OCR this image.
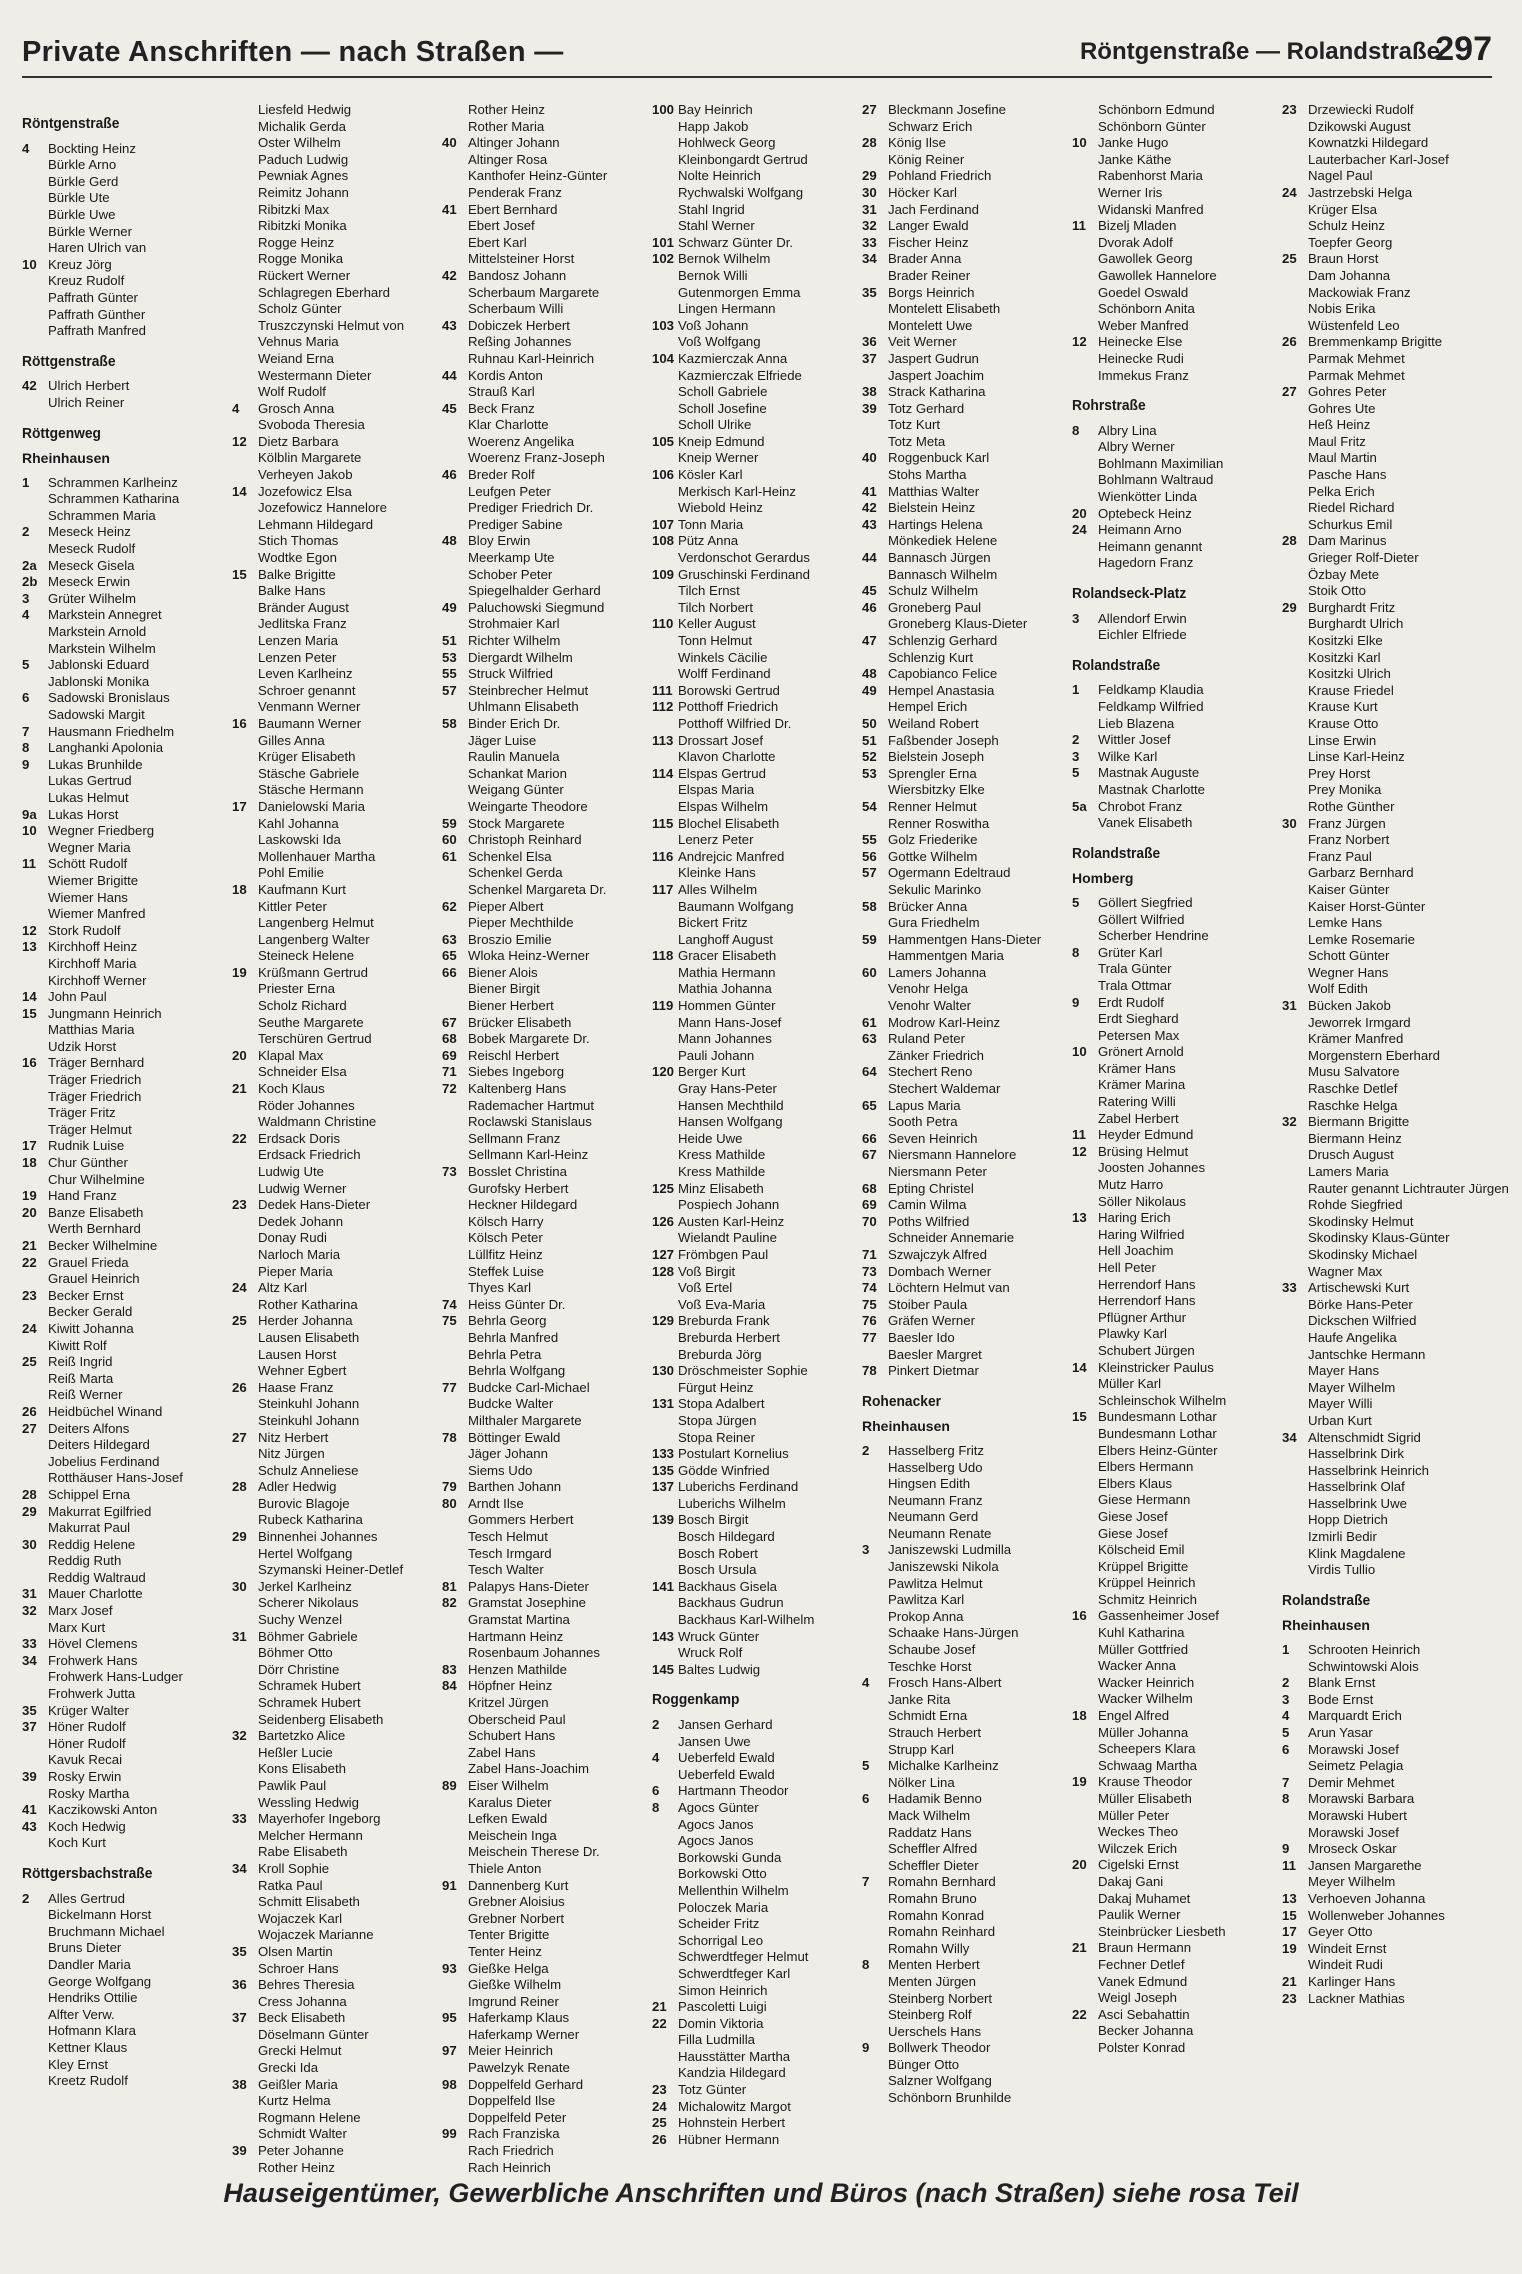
Private Anschriften — nach Straßen —	Röntgenstraße — Rolandstraße
297
Röntgenstraße
4 Bockting Heinz
Bürkle Arno
Bürkle Gerd
Bürkle Ute
Bürkle Uwe
Bürkle Werner
Haren Ulrich van
10 Kreuz Jörg
Kreuz Rudolf
Paffrath Günter
Paffrath Günther
Paffrath Manfred
Röttgenstraße
42 Ulrich Herbert
Ulrich Reiner
Röttgenweg
Rheinhausen
1 Schrammen Karlheinz
Schrammen Katharina
Schrammen Maria
2 Meseck Heinz
Meseck Rudolf
2a Meseck Gisela
2b Meseck Erwin
3 Grüter Wilhelm
4 Markstein Annegret
Markstein Arnold
Markstein Wilhelm
5 Jablonski Eduard
Jablonski Monika
6 Sadowski Bronislaus
Sadowski Margit
7 Hausmann Friedhelm
8 Langhanki Apolonia
9 Lukas Brunhilde
Lukas Gertrud
Lukas Helmut
9a Lukas Horst
10 Wegner Friedberg
Wegner Maria
11 Schött Rudolf
Wiemer Brigitte
Wiemer Hans
Wiemer Manfred
12 Stork Rudolf
13 Kirchhoff Heinz
Kirchhoff Maria
Kirchhoff Werner
14 John Paul
15 Jungmann Heinrich
Matthias Maria
Udzik Horst
16 Träger Bernhard
Träger Friedrich
Träger Friedrich
Träger Fritz
Träger Helmut
17 Rudnik Luise
18 Chur Günther
Chur Wilhelmine
19 Hand Franz
20 Banze Elisabeth
Werth Bernhard
21 Becker Wilhelmine
22 Grauel Frieda
Grauel Heinrich
23 Becker Ernst
Becker Gerald
24 Kiwitt Johanna
Kiwitt Rolf
25 Reiß Ingrid
Reiß Marta
Reiß Werner
26 Heidbüchel Winand
27 Deiters Alfons
Deiters Hildegard
Jobelius Ferdinand
Rotthäuser Hans-Josef
28 Schippel Erna
29 Makurrat Egilfried
Makurrat Paul
30 Reddig Helene
Reddig Ruth
Reddig Waltraud
31 Mauer Charlotte
32 Marx Josef
Marx Kurt
33 Hövel Clemens
34 Frohwerk Hans
Frohwerk Hans-Ludger
Frohwerk Jutta
35 Krüger Walter
37 Höner Rudolf
Höner Rudolf
Kavuk Recai
39 Rosky Erwin
Rosky Martha
41 Kaczikowski Anton
43 Koch Hedwig
Koch Kurt
Röttgersbachstraße
2 Alles Gertrud
Bickelmann Horst
Bruchmann Michael
Bruns Dieter
Dandler Maria
George Wolfgang
Hendriks Ottilie
Alfter Verw.
Hofmann Klara
Kettner Klaus
Kley Ernst
Kreetz Rudolf
Liesfeld Hedwig
Michalik Gerda
Oster Wilhelm
Paduch Ludwig
Pewniak Agnes
Reimitz Johann
Ribitzki Max
Ribitzki Monika
Rogge Heinz
Rogge Monika
Rückert Werner
Schlagregen Eberhard
Scholz Günter
Truszczynski Helmut von
Vehnus Maria
Weiand Erna
Westermann Dieter
Wolf Rudolf
4 Grosch Anna
Svoboda Theresia
12 Dietz Barbara
Kölblin Margarete
Verheyen Jakob
14 Jozefowicz Elsa
Jozefowicz Hannelore
Lehmann Hildegard
Stich Thomas
Wodtke Egon
15 Balke Brigitte
Balke Hans
Bränder August
Jedlitska Franz
Lenzen Maria
Lenzen Peter
Leven Karlheinz
Schroer genannt
Venmann Werner
16 Baumann Werner
Gilles Anna
Krüger Elisabeth
Stäsche Gabriele
Stäsche Hermann
17 Danielowski Maria
Kahl Johanna
Laskowski Ida
Mollenhauer Martha
Pohl Emilie
18 Kaufmann Kurt
Kittler Peter
Langenberg Helmut
Langenberg Walter
Steineck Helene
19 Krüßmann Gertrud
Priester Erna
Scholz Richard
Seuthe Margarete
Terschüren Gertrud
20 Klapal Max
Schneider Elsa
21 Koch Klaus
Röder Johannes
Waldmann Christine
22 Erdsack Doris
Erdsack Friedrich
Ludwig Ute
Ludwig Werner
23 Dedek Hans-Dieter
Dedek Johann
Donay Rudi
Narloch Maria
Pieper Maria
24 Altz Karl
Rother Katharina
25 Herder Johanna
Lausen Elisabeth
Lausen Horst
Wehner Egbert
26 Haase Franz
Steinkuhl Johann
Steinkuhl Johann
27 Nitz Herbert
Nitz Jürgen
Schulz Anneliese
28 Adler Hedwig
Burovic Blagoje
Rubeck Katharina
29 Binnenhei Johannes
Hertel Wolfgang
Szymanski Heiner-Detlef
30 Jerkel Karlheinz
Scherer Nikolaus
Suchy Wenzel
31 Böhmer Gabriele
Böhmer Otto
Dörr Christine
Schramek Hubert
Schramek Hubert
Seidenberg Elisabeth
32 Bartetzko Alice
Heßler Lucie
Kons Elisabeth
Pawlik Paul
Wessling Hedwig
33 Mayerhofer Ingeborg
Melcher Hermann
Rabe Elisabeth
34 Kroll Sophie
Ratka Paul
Schmitt Elisabeth
Wojaczek Karl
Wojaczek Marianne
35 Olsen Martin
Schroer Hans
36 Behres Theresia
Cress Johanna
37 Beck Elisabeth
Döselmann Günter
Grecki Helmut
Grecki Ida
38 Geißler Maria
Kurtz Helma
Rogmann Helene
Schmidt Walter
39 Peter Johanne
Rother Heinz
Rother Heinz
Rother Maria
40 Altinger Johann
Altinger Rosa
Kanthofer Heinz-Günter
Penderak Franz
41 Ebert Bernhard
Ebert Josef
Ebert Karl
Mittelsteiner Horst
42 Bandosz Johann
Scherbaum Margarete
Scherbaum Willi
43 Dobiczek Herbert
Reßing Johannes
Ruhnau Karl-Heinrich
44 Kordis Anton
Strauß Karl
45 Beck Franz
Klar Charlotte
Woerenz Angelika
Woerenz Franz-Joseph
46 Breder Rolf
Leufgen Peter
Prediger Friedrich Dr.
Prediger Sabine
48 Bloy Erwin
Meerkamp Ute
Schober Peter
Spiegelhalder Gerhard
49 Paluchowski Siegmund
Strohmaier Karl
51 Richter Wilhelm
53 Diergardt Wilhelm
55 Struck Wilfried
57 Steinbrecher Helmut
Uhlmann Elisabeth
58 Binder Erich Dr.
Jäger Luise
Raulin Manuela
Schankat Marion
Weigang Günter
Weingarte Theodore
59 Stock Margarete
60 Christoph Reinhard
61 Schenkel Elsa
Schenkel Gerda
Schenkel Margareta Dr.
62 Pieper Albert
Pieper Mechthilde
63 Broszio Emilie
65 Wloka Heinz-Werner
66 Biener Alois
Biener Birgit
Biener Herbert
67 Brücker Elisabeth
68 Bobek Margarete Dr.
69 Reischl Herbert
71 Siebes Ingeborg
72 Kaltenberg Hans
Rademacher Hartmut
Roclawski Stanislaus
Sellmann Franz
Sellmann Karl-Heinz
73 Bosslet Christina
Gurofsky Herbert
Heckner Hildegard
Kölsch Harry
Kölsch Peter
Lüllfitz Heinz
Steffek Luise
Thyes Karl
74 Heiss Günter Dr.
75 Behrla Georg
Behrla Manfred
Behrla Petra
Behrla Wolfgang
77 Budcke Carl-Michael
Budcke Walter
Milthaler Margarete
78 Böttinger Ewald
Jäger Johann
Siems Udo
79 Barthen Johann
80 Arndt Ilse
Gommers Herbert
Tesch Helmut
Tesch Irmgard
Tesch Walter
81 Palapys Hans-Dieter
82 Gramstat Josephine
Gramstat Martina
Hartmann Heinz
Rosenbaum Johannes
83 Henzen Mathilde
84 Höpfner Heinz
Kritzel Jürgen
Oberscheid Paul
Schubert Hans
Zabel Hans
Zabel Hans-Joachim
89 Eiser Wilhelm
Karalus Dieter
Lefken Ewald
Meischein Inga
Meischein Therese Dr.
Thiele Anton
91 Dannenberg Kurt
Grebner Aloisius
Grebner Norbert
Tenter Brigitte
Tenter Heinz
93 Gießke Helga
Gießke Wilhelm
Imgrund Reiner
95 Haferkamp Klaus
Haferkamp Werner
97 Meier Heinrich
Pawelzyk Renate
98 Doppelfeld Gerhard
Doppelfeld Ilse
Doppelfeld Peter
99 Rach Franziska
Rach Friedrich
Rach Heinrich
100 Bay Heinrich
Happ Jakob
Hohlweck Georg
Kleinbongardt Gertrud
Nolte Heinrich
Rychwalski Wolfgang
Stahl Ingrid
Stahl Werner
101 Schwarz Günter Dr.
102 Bernok Wilhelm
Bernok Willi
Gutenmorgen Emma
Lingen Hermann
103 Voß Johann
Voß Wolfgang
104 Kazmierczak Anna
Kazmierczak Elfriede
Scholl Gabriele
Scholl Josefine
Scholl Ulrike
105 Kneip Edmund
Kneip Werner
106 Kösler Karl
Merkisch Karl-Heinz
Wiebold Heinz
107 Tonn Maria
108 Pütz Anna
Verdonschot Gerardus
109 Gruschinski Ferdinand
Tilch Ernst
Tilch Norbert
110 Keller August
Tonn Helmut
Winkels Cäcilie
Wolff Ferdinand
111 Borowski Gertrud
112 Potthoff Friedrich
Potthoff Wilfried Dr.
113 Drossart Josef
Klavon Charlotte
114 Elspas Gertrud
Elspas Maria
Elspas Wilhelm
115 Blochel Elisabeth
Lenerz Peter
116 Andrejcic Manfred
Kleinke Hans
117 Alles Wilhelm
Baumann Wolfgang
Bickert Fritz
Langhoff August
118 Gracer Elisabeth
Mathia Hermann
Mathia Johanna
119 Hommen Günter
Mann Hans-Josef
Mann Johannes
Pauli Johann
120 Berger Kurt
Gray Hans-Peter
Hansen Mechthild
Hansen Wolfgang
Heide Uwe
Kress Mathilde
Kress Mathilde
125 Minz Elisabeth
Pospiech Johann
126 Austen Karl-Heinz
Wielandt Pauline
127 Frömbgen Paul
128 Voß Birgit
Voß Ertel
Voß Eva-Maria
129 Breburda Frank
Breburda Herbert
Breburda Jörg
130 Dröschmeister Sophie
Fürgut Heinz
131 Stopa Adalbert
Stopa Jürgen
Stopa Reiner
133 Postulart Kornelius
135 Gödde Winfried
137 Luberichs Ferdinand
Luberichs Wilhelm
139 Bosch Birgit
Bosch Hildegard
Bosch Robert
Bosch Ursula
141 Backhaus Gisela
Backhaus Gudrun
Backhaus Karl-Wilhelm
143 Wruck Günter
Wruck Rolf
145 Baltes Ludwig
Roggenkamp
2 Jansen Gerhard
Jansen Uwe
4 Ueberfeld Ewald
Ueberfeld Ewald
6 Hartmann Theodor
8 Agocs Günter
Agocs Janos
Agocs Janos
Borkowski Gunda
Borkowski Otto
Mellenthin Wilhelm
Poloczek Maria
Scheider Fritz
Schorrigal Leo
Schwerdtfeger Helmut
Schwerdtfeger Karl
Simon Heinrich
21 Pascoletti Luigi
22 Domin Viktoria
Filla Ludmilla
Hausstätter Martha
Kandzia Hildegard
23 Totz Günter
24 Michalowitz Margot
25 Hohnstein Herbert
26 Hübner Hermann
27 Bleckmann Josefine
Schwarz Erich
28 König Ilse
König Reiner
29 Pohland Friedrich
30 Höcker Karl
31 Jach Ferdinand
32 Langer Ewald
33 Fischer Heinz
34 Brader Anna
Brader Reiner
35 Borgs Heinrich
Montelett Elisabeth
Montelett Uwe
36 Veit Werner
37 Jaspert Gudrun
Jaspert Joachim
38 Strack Katharina
39 Totz Gerhard
Totz Kurt
Totz Meta
40 Roggenbuck Karl
Stohs Martha
41 Matthias Walter
42 Bielstein Heinz
43 Hartings Helena
Mönkediek Helene
44 Bannasch Jürgen
Bannasch Wilhelm
45 Schulz Wilhelm
46 Groneberg Paul
Groneberg Klaus-Dieter
47 Schlenzig Gerhard
Schlenzig Kurt
48 Capobianco Felice
49 Hempel Anastasia
Hempel Erich
50 Weiland Robert
51 Faßbender Joseph
52 Bielstein Joseph
53 Sprengler Erna
Wiersbitzky Elke
54 Renner Helmut
Renner Roswitha
55 Golz Friederike
56 Gottke Wilhelm
57 Ogermann Edeltraud
Sekulic Marinko
58 Brücker Anna
Gura Friedhelm
59 Hammentgen Hans-Dieter
Hammentgen Maria
60 Lamers Johanna
Venohr Helga
Venohr Walter
61 Modrow Karl-Heinz
63 Ruland Peter
Zänker Friedrich
64 Stechert Reno
Stechert Waldemar
65 Lapus Maria
Sooth Petra
66 Seven Heinrich
67 Niersmann Hannelore
Niersmann Peter
68 Epting Christel
69 Camin Wilma
70 Poths Wilfried
Schneider Annemarie
71 Szwajczyk Alfred
73 Dombach Werner
74 Löchtern Helmut van
75 Stoiber Paula
76 Gräfen Werner
77 Baesler Ido
Baesler Margret
78 Pinkert Dietmar
Rohenacker
Rheinhausen
2 Hasselberg Fritz
Hasselberg Udo
Hingsen Edith
Neumann Franz
Neumann Gerd
Neumann Renate
3 Janiszewski Ludmilla
Janiszewski Nikola
Pawlitza Helmut
Pawlitza Karl
Prokop Anna
Schaake Hans-Jürgen
Schaube Josef
Teschke Horst
4 Frosch Hans-Albert
Janke Rita
Schmidt Erna
Strauch Herbert
Strupp Karl
5 Michalke Karlheinz
Nölker Lina
6 Hadamik Benno
Mack Wilhelm
Raddatz Hans
Scheffler Alfred
Scheffler Dieter
7 Romahn Bernhard
Romahn Bruno
Romahn Konrad
Romahn Reinhard
Romahn Willy
8 Menten Herbert
Menten Jürgen
Steinberg Norbert
Steinberg Rolf
Uerschels Hans
9 Bollwerk Theodor
Bünger Otto
Salzner Wolfgang
Schönborn Brunhilde
Schönborn Edmund
Schönborn Günter
10 Janke Hugo
Janke Käthe
Rabenhorst Maria
Werner Iris
Widanski Manfred
11 Bizelj Mladen
Dvorak Adolf
Gawollek Georg
Gawollek Hannelore
Goedel Oswald
Schönborn Anita
Weber Manfred
12 Heinecke Else
Heinecke Rudi
Immekus Franz
Rohrstraße
8 Albry Lina
Albry Werner
Bohlmann Maximilian
Bohlmann Waltraud
Wienkötter Linda
20 Optebeck Heinz
24 Heimann Arno
Heimann genannt
Hagedorn Franz
Rolandseck-Platz
3 Allendorf Erwin
Eichler Elfriede
Rolandstraße
1 Feldkamp Klaudia
Feldkamp Wilfried
Lieb Blazena
2 Wittler Josef
3 Wilke Karl
5 Mastnak Auguste
Mastnak Charlotte
5a Chrobot Franz
Vanek Elisabeth
Rolandstraße
Homberg
5 Göllert Siegfried
Göllert Wilfried
Scherber Hendrine
8 Grüter Karl
Trala Günter
Trala Ottmar
9 Erdt Rudolf
Erdt Sieghard
Petersen Max
10 Grönert Arnold
Krämer Hans
Krämer Marina
Ratering Willi
Zabel Herbert
11 Heyder Edmund
12 Brüsing Helmut
Joosten Johannes
Mutz Harro
Söller Nikolaus
13 Haring Erich
Haring Wilfried
Hell Joachim
Hell Peter
Herrendorf Hans
Herrendorf Hans
Pflügner Arthur
Plawky Karl
Schubert Jürgen
14 Kleinstricker Paulus
Müller Karl
Schleinschok Wilhelm
15 Bundesmann Lothar
Bundesmann Lothar
Elbers Heinz-Günter
Elbers Hermann
Elbers Klaus
Giese Hermann
Giese Josef
Giese Josef
Kölscheid Emil
Krüppel Brigitte
Krüppel Heinrich
Schmitz Heinrich
16 Gassenheimer Josef
Kuhl Katharina
Müller Gottfried
Wacker Anna
Wacker Heinrich
Wacker Wilhelm
18 Engel Alfred
Müller Johanna
Scheepers Klara
Schwaag Martha
19 Krause Theodor
Müller Elisabeth
Müller Peter
Weckes Theo
Wilczek Erich
20 Cigelski Ernst
Dakaj Gani
Dakaj Muhamet
Paulik Werner
Steinbrücker Liesbeth
21 Braun Hermann
Fechner Detlef
Vanek Edmund
Weigl Joseph
22 Asci Sebahattin
Becker Johanna
Polster Konrad
23 Drzewiecki Rudolf
Dzikowski August
Kownatzki Hildegard
Lauterbacher Karl-Josef
Nagel Paul
24 Jastrzebski Helga
Krüger Elsa
Schulz Heinz
Toepfer Georg
25 Braun Horst
Dam Johanna
Mackowiak Franz
Nobis Erika
Wüstenfeld Leo
26 Bremmenkamp Brigitte
Parmak Mehmet
Parmak Mehmet
27 Gohres Peter
Gohres Ute
Heß Heinz
Maul Fritz
Maul Martin
Pasche Hans
Pelka Erich
Riedel Richard
Schurkus Emil
28 Dam Marinus
Grieger Rolf-Dieter
Özbay Mete
Stoik Otto
29 Burghardt Fritz
Burghardt Ulrich
Kositzki Elke
Kositzki Karl
Kositzki Ulrich
Krause Friedel
Krause Kurt
Krause Otto
Linse Erwin
Linse Karl-Heinz
Prey Horst
Prey Monika
Rothe Günther
30 Franz Jürgen
Franz Norbert
Franz Paul
Garbarz Bernhard
Kaiser Günter
Kaiser Horst-Günter
Lemke Hans
Lemke Rosemarie
Schott Günter
Wegner Hans
Wolf Edith
31 Bücken Jakob
Jeworrek Irmgard
Krämer Manfred
Morgenstern Eberhard
Musu Salvatore
Raschke Detlef
Raschke Helga
32 Biermann Brigitte
Biermann Heinz
Drusch August
Lamers Maria
Rauter genannt Lichtrauter Jürgen
Rohde Siegfried
Skodinsky Helmut
Skodinsky Klaus-Günter
Skodinsky Michael
Wagner Max
33 Artischewski Kurt
Börke Hans-Peter
Dickschen Wilfried
Haufe Angelika
Jantschke Hermann
Mayer Hans
Mayer Wilhelm
Mayer Willi
Urban Kurt
34 Altenschmidt Sigrid
Hasselbrink Dirk
Hasselbrink Heinrich
Hasselbrink Olaf
Hasselbrink Uwe
Hopp Dietrich
Izmirli Bedir
Klink Magdalene
Virdis Tullio
Rolandstraße
Rheinhausen
1 Schrooten Heinrich
Schwintowski Alois
2 Blank Ernst
3 Bode Ernst
4 Marquardt Erich
5 Arun Yasar
6 Morawski Josef
Seimetz Pelagia
7 Demir Mehmet
8 Morawski Barbara
Morawski Hubert
Morawski Josef
9 Mroseck Oskar
11 Jansen Margarethe
Meyer Wilhelm
13 Verhoeven Johanna
15 Wollenweber Johannes
17 Geyer Otto
19 Windeit Ernst
Windeit Rudi
21 Karlinger Hans
23 Lackner Mathias
Hauseigentümer, Gewerbliche Anschriften und Büros (nach Straßen) siehe rosa Teil
